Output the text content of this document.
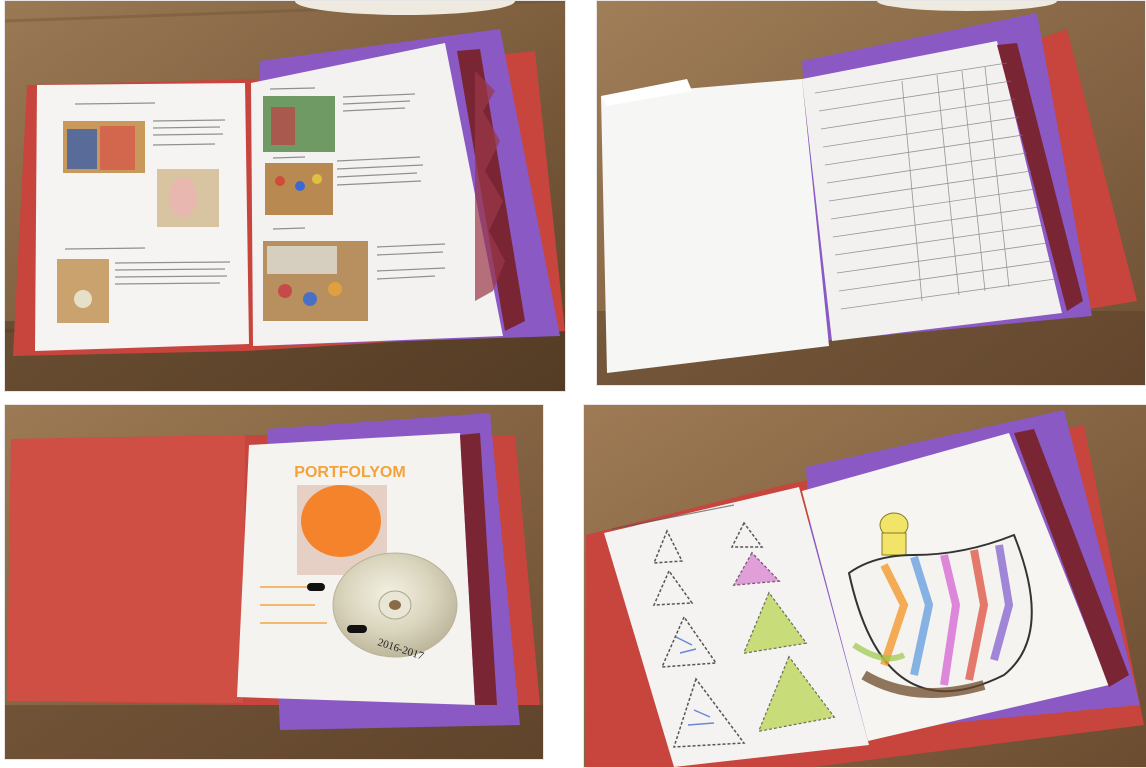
PORTFOLYOM
2016-2017
